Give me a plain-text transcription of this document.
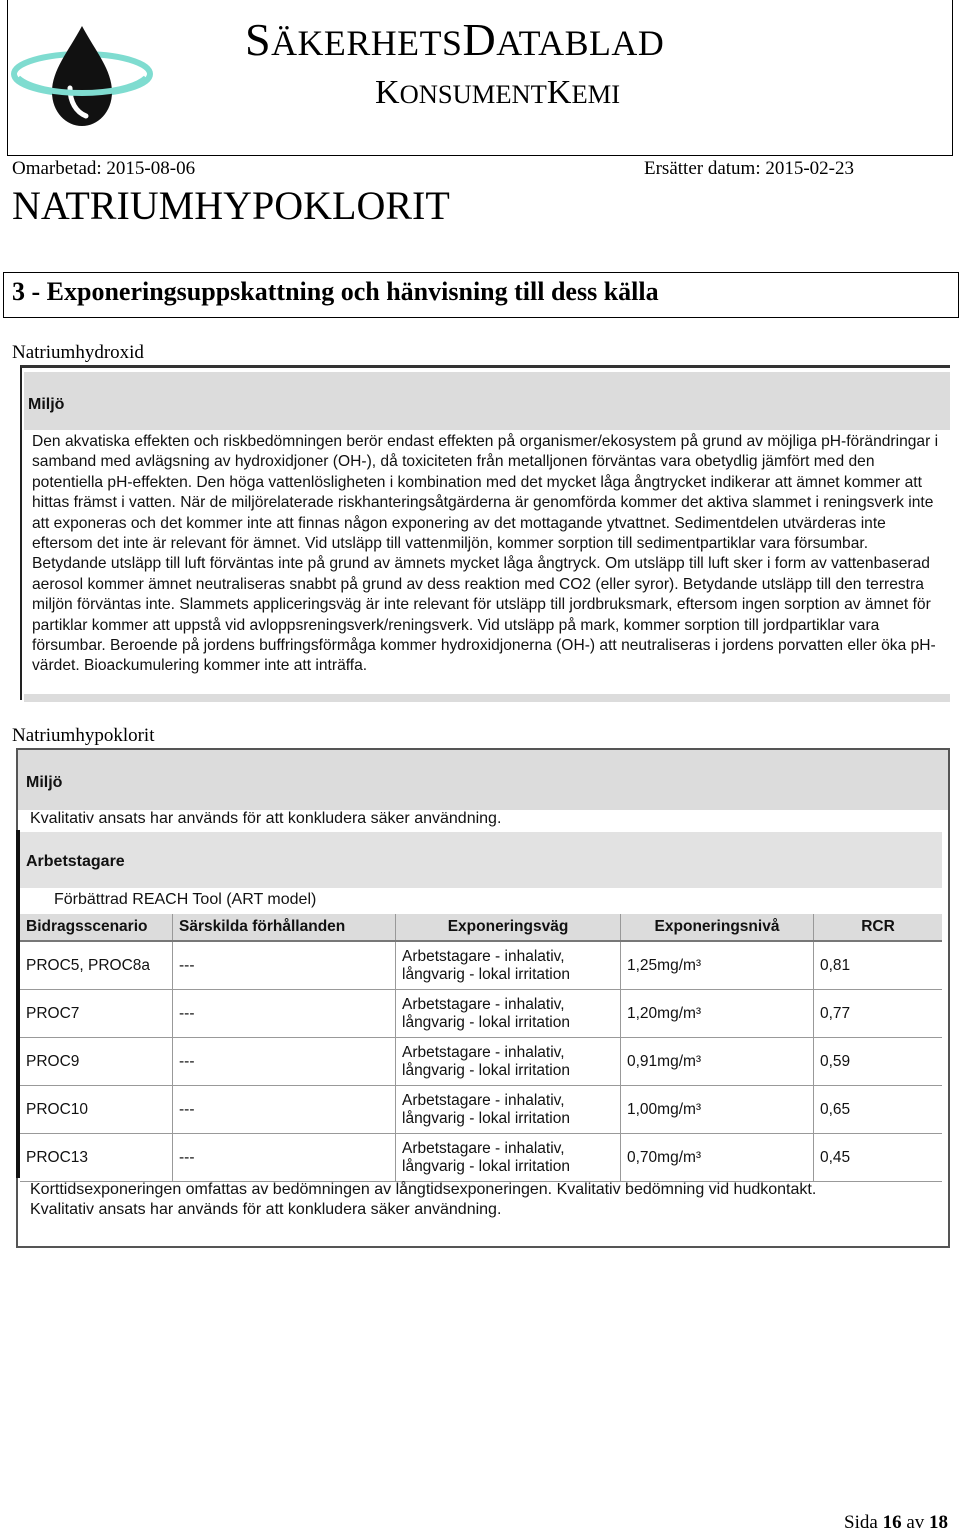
SÄKERHETSDATABLAD
KONSUMENTKEMI
Omarbetad: 2015-08-06	Ersätter datum: 2015-02-23
NATRIUMHYPOKLORIT
3 - Exponeringsuppskattning och hänvisning till dess källa
Natriumhydroxid
Miljö
Den akvatiska effekten och riskbedömningen berör endast effekten på organismer/ekosystem på grund av möjliga pH-förändringar i samband med avlägsning av hydroxidjoner (OH-), då toxiciteten från metalljonen förväntas vara obetydlig jämfört med den potentiella pH-effekten. Den höga vattenlösligheten i kombination med det mycket låga ångtrycket indikerar att ämnet kommer att hittas främst i vatten. När de miljörelaterade riskhanteringsåtgärderna är genomförda kommer det aktiva slammet i reningsverk inte att exponeras och det kommer inte att finnas någon exponering av det mottagande ytvattnet. Sedimentdelen utvärderas inte eftersom det inte är relevant för ämnet. Vid utsläpp till vattenmiljön, kommer sorption till sedimentpartiklar vara försumbar. Betydande utsläpp till luft förväntas inte på grund av ämnets mycket låga ångtryck. Om utsläpp till luft sker i form av vattenbaserad aerosol kommer ämnet neutraliseras snabbt på grund av dess reaktion med CO2 (eller syror). Betydande utsläpp till den terrestra miljön förväntas inte. Slammets appliceringsväg är inte relevant för utsläpp till jordbruksmark, eftersom ingen sorption av ämnet för partiklar kommer att uppstå vid avloppsreningsverk/reningsverk. Vid utsläpp på mark, kommer sorption till jordpartiklar vara försumbar. Beroende på jordens buffringsförmåga kommer hydroxidjonerna (OH-) att neutraliseras i jordens porvatten eller öka pH-värdet. Bioackumulering kommer inte att inträffa.
Natriumhypoklorit
Miljö
Kvalitativ ansats har används för att konkludera säker användning.
Arbetstagare
Förbättrad REACH Tool (ART model)
Bidragsscenario	Särskilda förhållanden	Exponeringsväg	Exponeringsnivå	RCR
PROC5, PROC8a	---	Arbetstagare - inhalativ, långvarig - lokal irritation	1,25mg/m³	0,81
PROC7	---	Arbetstagare - inhalativ, långvarig - lokal irritation	1,20mg/m³	0,77
PROC9	---	Arbetstagare - inhalativ, långvarig - lokal irritation	0,91mg/m³	0,59
PROC10	---	Arbetstagare - inhalativ, långvarig - lokal irritation	1,00mg/m³	0,65
PROC13	---	Arbetstagare - inhalativ, långvarig - lokal irritation	0,70mg/m³	0,45
Korttidsexponeringen omfattas av bedömningen av långtidsexponeringen. Kvalitativ bedömning vid hudkontakt.
Kvalitativ ansats har används för att konkludera säker användning.
Sida 16 av 18
